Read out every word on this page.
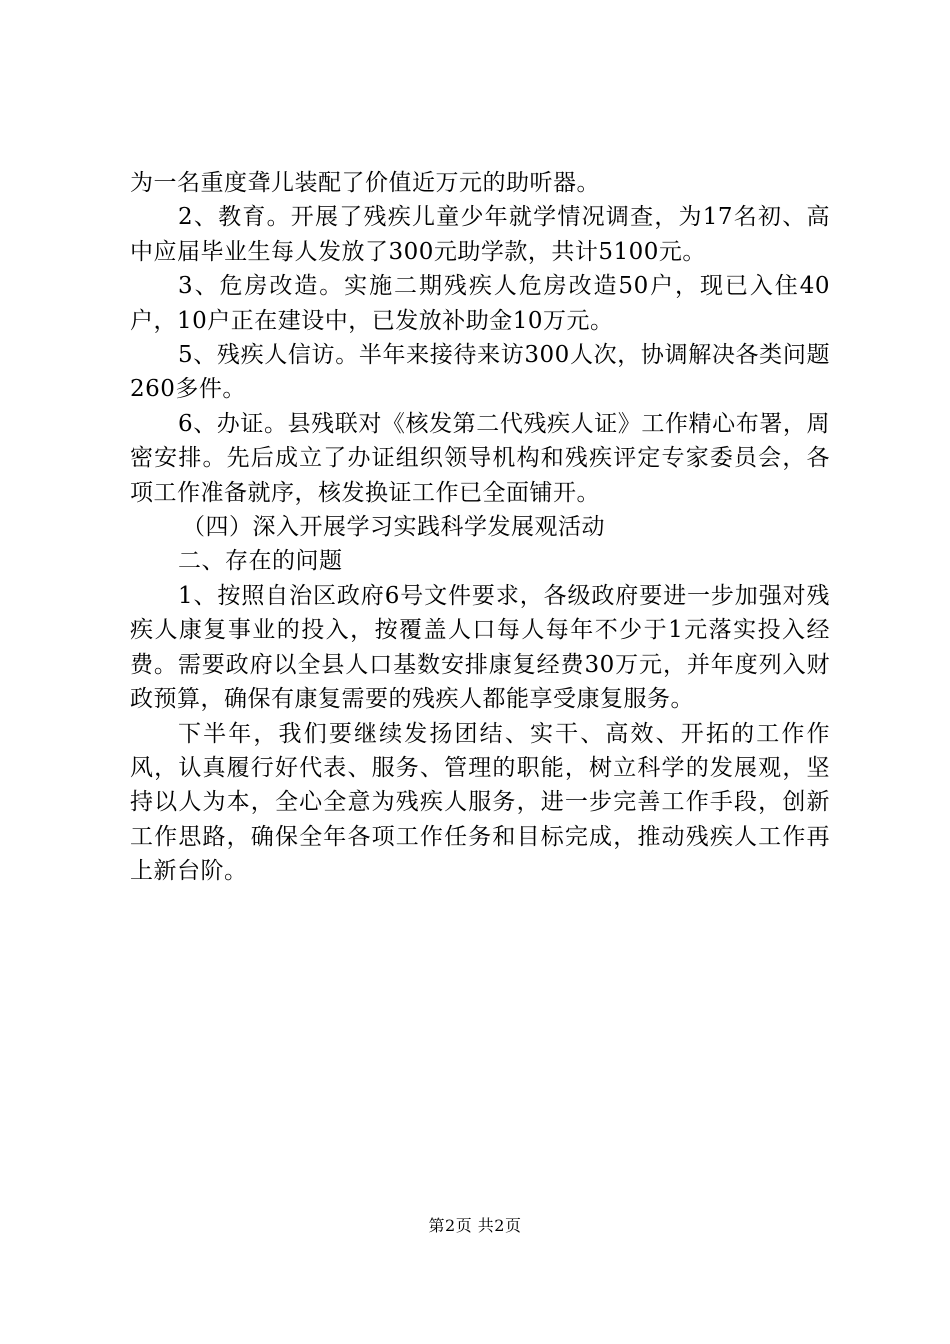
为一名重度聋儿装配了价值近万元的助听器。

2、教育。开展了残疾儿童少年就学情况调查，为17名初、高中应届毕业生每人发放了300元助学款，共计5100元。

3、危房改造。实施二期残疾人危房改造50户，现已入住40户，10户正在建设中，已发放补助金10万元。

5、残疾人信访。半年来接待来访300人次，协调解决各类问题260多件。

6、办证。县残联对《核发第二代残疾人证》工作精心布署，周密安排。先后成立了办证组织领导机构和残疾评定专家委员会，各项工作准备就序，核发换证工作已全面铺开。

（四）深入开展学习实践科学发展观活动

二、存在的问题

1、按照自治区政府6号文件要求，各级政府要进一步加强对残疾人康复事业的投入，按覆盖人口每人每年不少于1元落实投入经费。需要政府以全县人口基数安排康复经费30万元，并年度列入财政预算，确保有康复需要的残疾人都能享受康复服务。

下半年，我们要继续发扬团结、实干、高效、开拓的工作作风，认真履行好代表、服务、管理的职能，树立科学的发展观，坚持以人为本，全心全意为残疾人服务，进一步完善工作手段，创新工作思路，确保全年各项工作任务和目标完成，推动残疾人工作再上新台阶。

第2页 共2页
